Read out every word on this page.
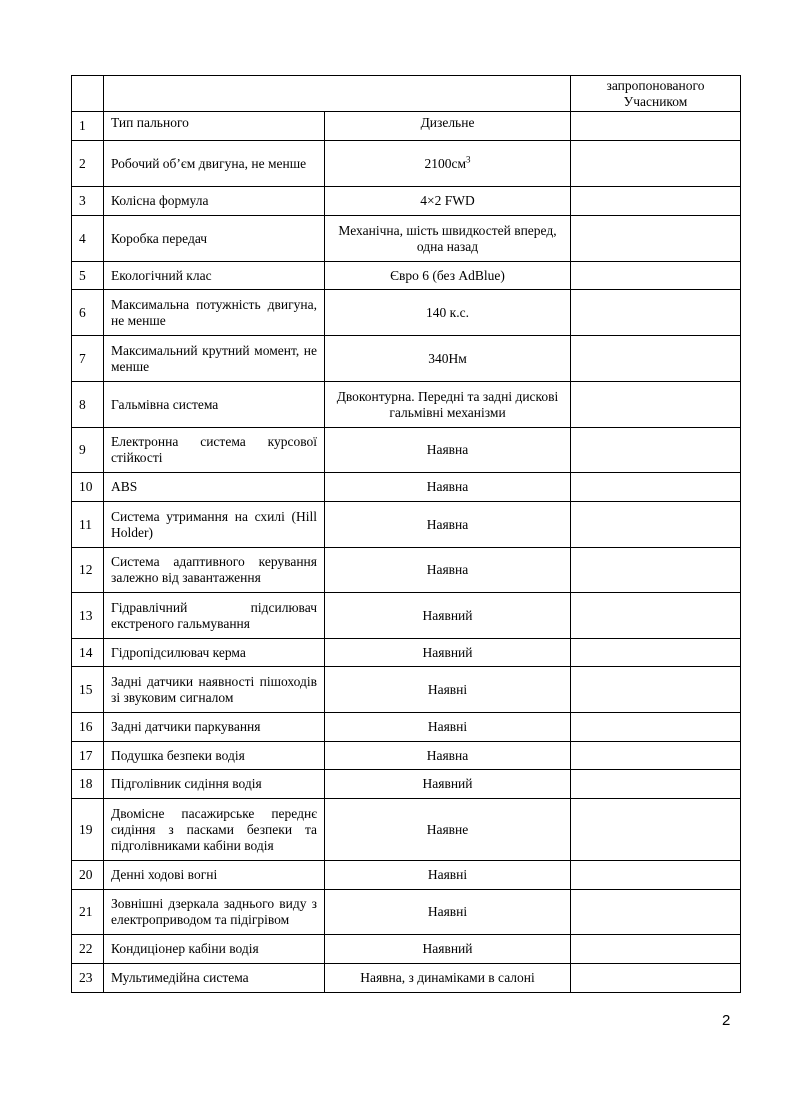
			запропонованого Учасником
1	Тип пального	Дизельне	
2	Робочий об’єм двигуна, не менше	$2100см^3$	
3	Колісна формула	4×2 FWD	
4	Коробка передач	Механічна, шість швидкостей вперед, одна назад	
5	Екологічний клас	Євро 6 (без AdBlue)	
6	Максимальна потужність двигуна, не менше	140 к.с.	
7	Максимальний крутний момент, не менше	340Нм	
8	Гальмівна система	Двоконтурна. Передні та задні дискові гальмівні механізми	
9	Електронна система курсової стійкості	Наявна	
10	ABS	Наявна	
11	Система утримання на схилі (Hill Holder)	Наявна	
12	Система адаптивного керування залежно від завантаження	Наявна	
13	Гідравлічний підсилювач екстреного гальмування	Наявний	
14	Гідропідсилювач керма	Наявний	
15	Задні датчики наявності пішоходів зі звуковим сигналом	Наявні	
16	Задні датчики паркування	Наявні	
17	Подушка безпеки водія	Наявна	
18	Підголівник сидіння водія	Наявний	
19	Двомісне пасажирське переднє сидіння з пасками безпеки та підголівниками кабіни водія	Наявне	
20	Денні ходові вогні	Наявні	
21	Зовнішні дзеркала заднього виду з електроприводом та підігрівом	Наявні	
22	Кондиціонер кабіни водія	Наявний	
23	Мультимедійна система	Наявна, з динаміками в салоні	
2
